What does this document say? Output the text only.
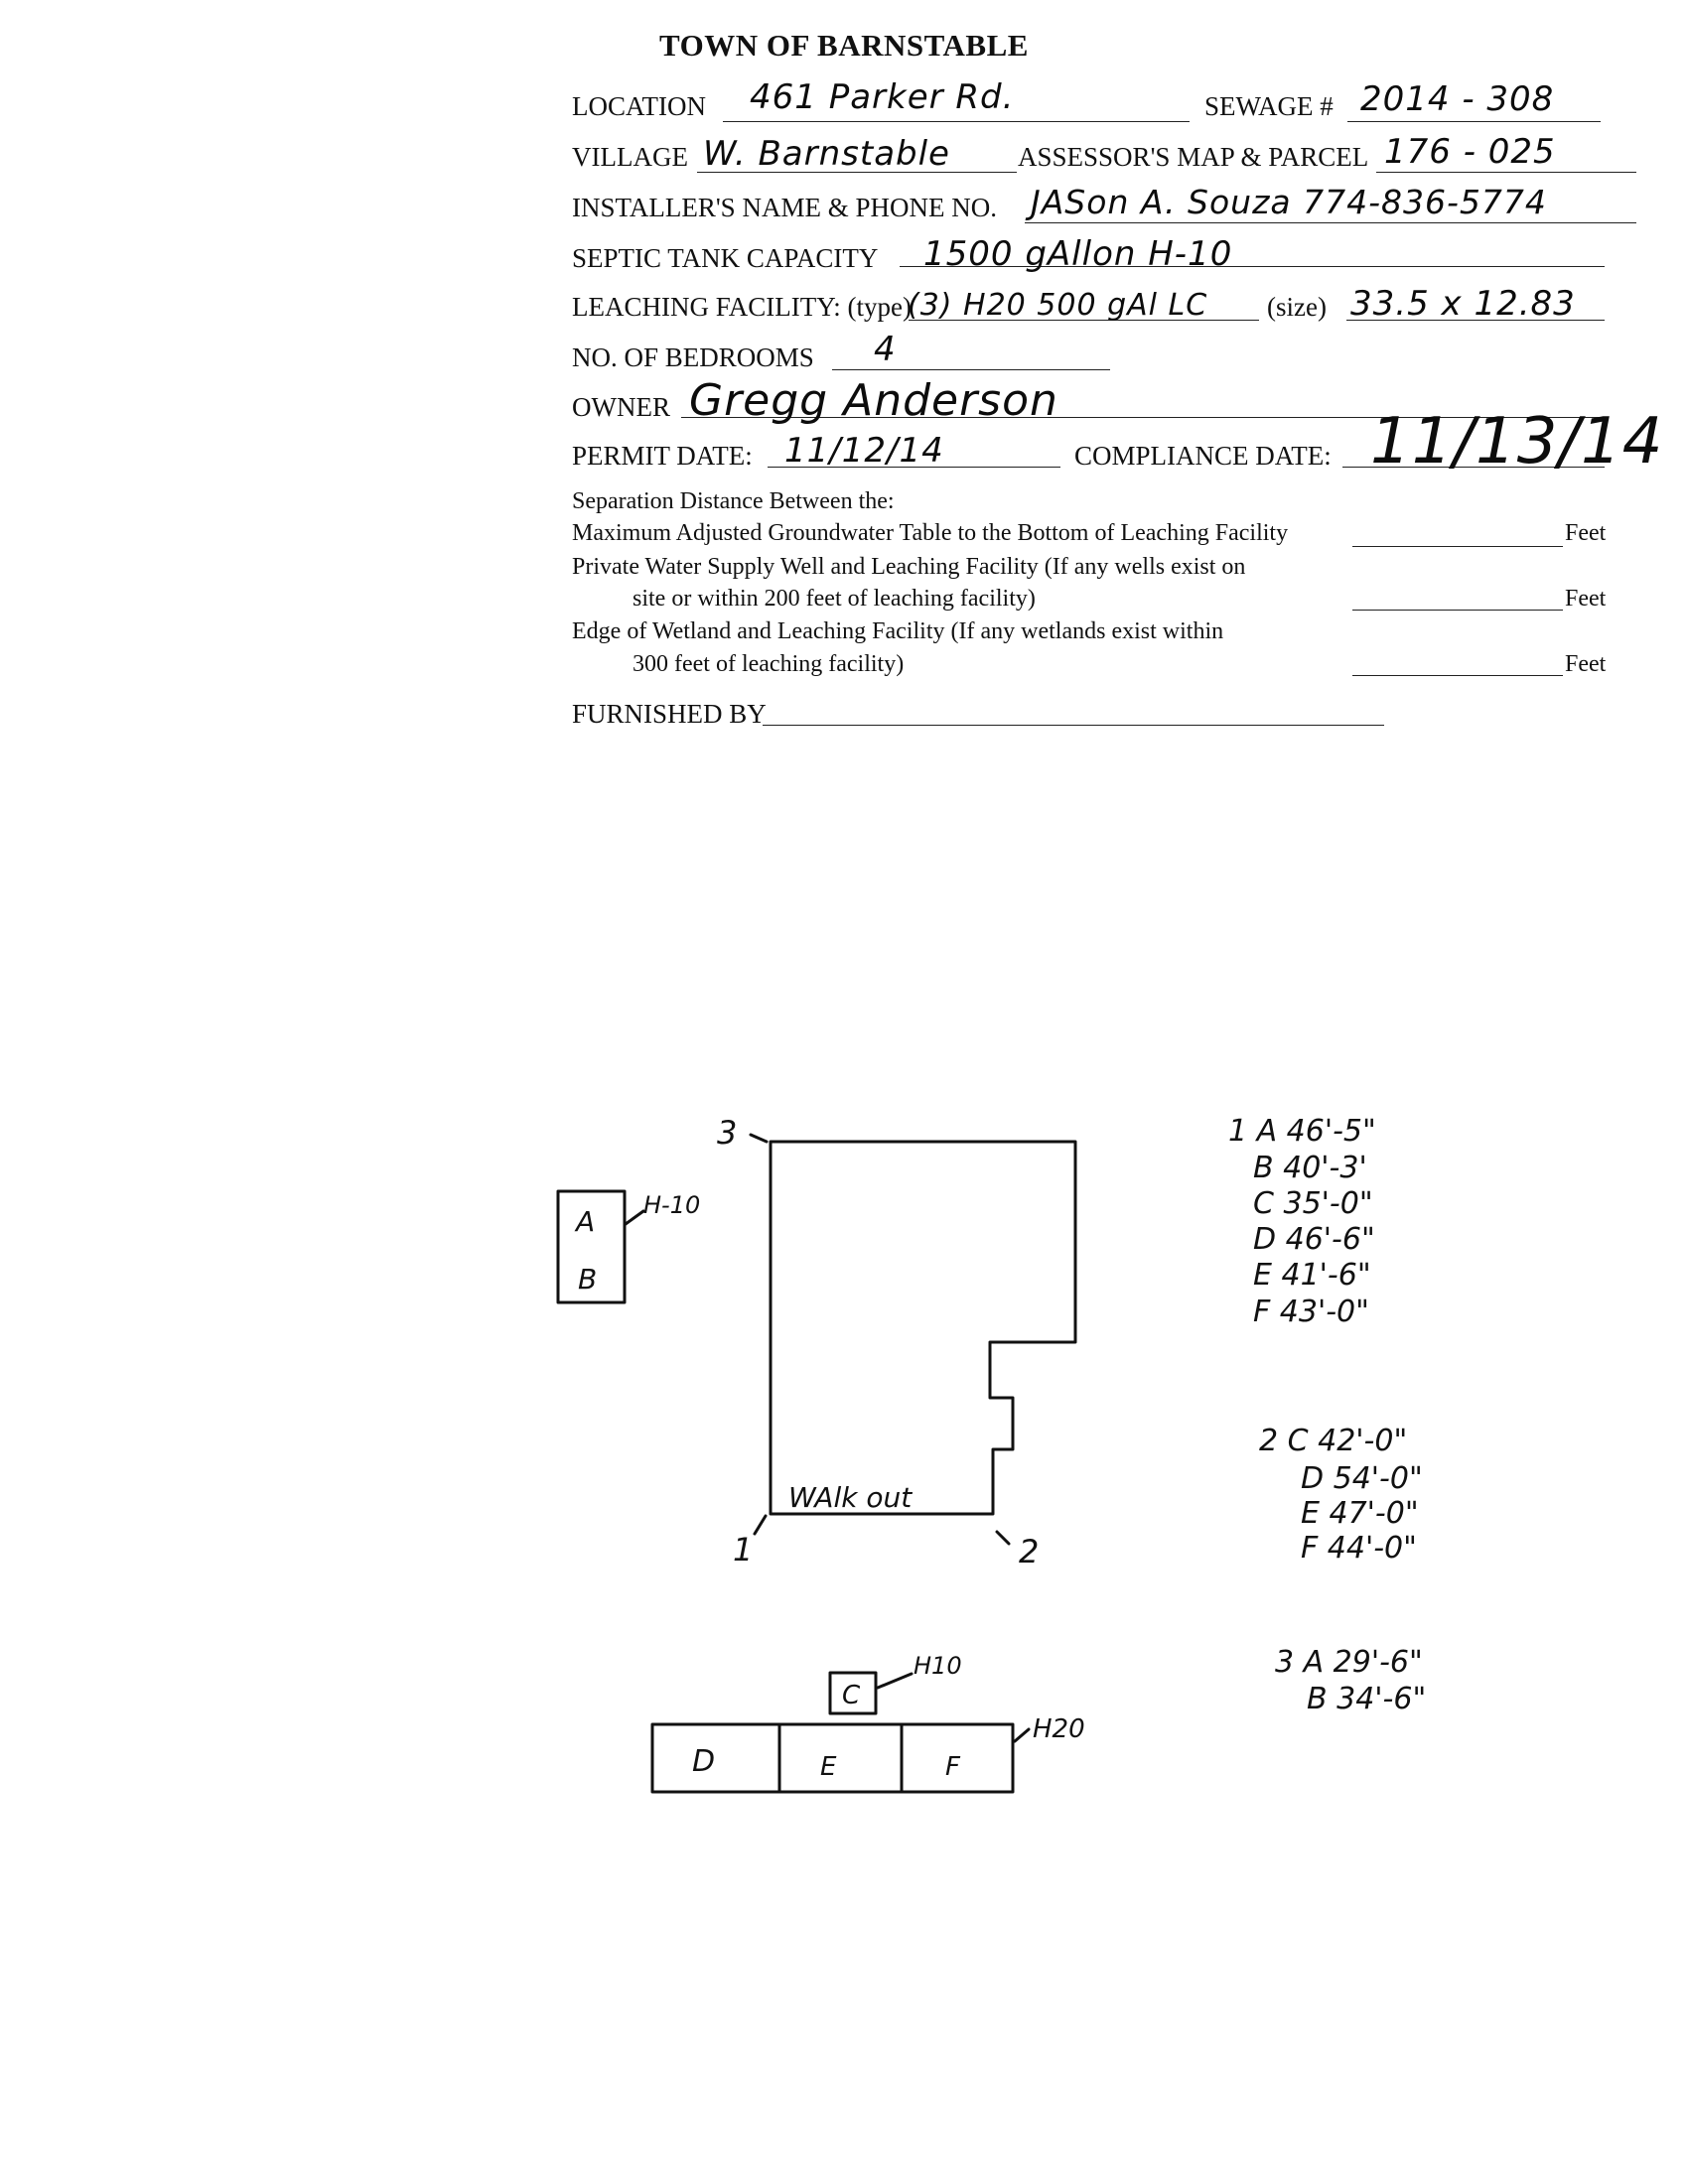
TOWN OF BARNSTABLE
LOCATION 461 Parker Rd.	SEWAGE # 2014 - 308
VILLAGE W. Barnstable	ASSESSOR'S MAP & PARCEL 176 - 025
INSTALLER'S NAME & PHONE NO. JASon A. Souza 774-836-5774
SEPTIC TANK CAPACITY 1500 gAllon H-10
LEACHING FACILITY: (type)
(3) H20 500 gAl LC (size) 33.5 x 12.83
NO. OF BEDROOMS 4
OWNER Gregg Anderson
PERMIT DATE: 11/12/14	COMPLIANCE DATE: 11/13/14
Separation Distance Between the:
Maximum Adjusted Groundwater Table to the Bottom of Leaching Facility	Feet
Private Water Supply Well and Leaching Facility (If any wells exist on
site or within 200 feet of leaching facility)	Feet
Edge of Wetland and Leaching Facility (If any wetlands exist within
300 feet of leaching facility)	Feet
FURNISHED BY
3
1	2
WAlk out
A
B
H-10
C
H10
D	E	F
H20
1 A 46'-5"
B 40'-3'
C 35'-0"
D 46'-6"
E 41'-6"
F 43'-0"
2 C 42'-0"
D 54'-0"
E 47'-0"
F 44'-0"
3 A 29'-6"
B 34'-6"
